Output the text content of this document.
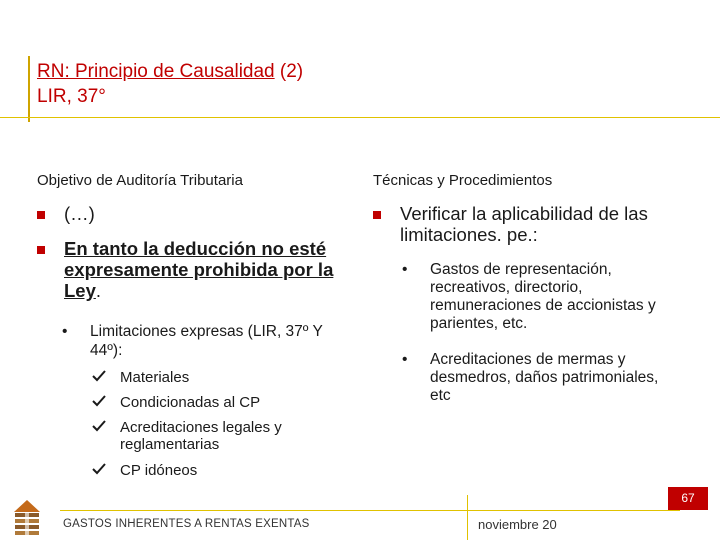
RN: Principio de Causalidad (2)
LIR, 37°
Objetivo de Auditoría Tributaria	Técnicas y Procedimientos
(…)
En tanto la deducción no esté expresamente prohibida por la Ley.
• Limitaciones expresas (LIR, 37º Y 44º):
Materiales
Condicionadas al CP
Acreditaciones legales y reglamentarias
CP idóneos
Verificar la aplicabilidad de las limitaciones. pe.:
• Gastos de representación, recreativos, directorio, remuneraciones de accionistas y parientes, etc.
• Acreditaciones de mermas y desmedros, daños patrimoniales, etc
GASTOS INHERENTES A RENTAS EXENTAS	noviembre 20
67
